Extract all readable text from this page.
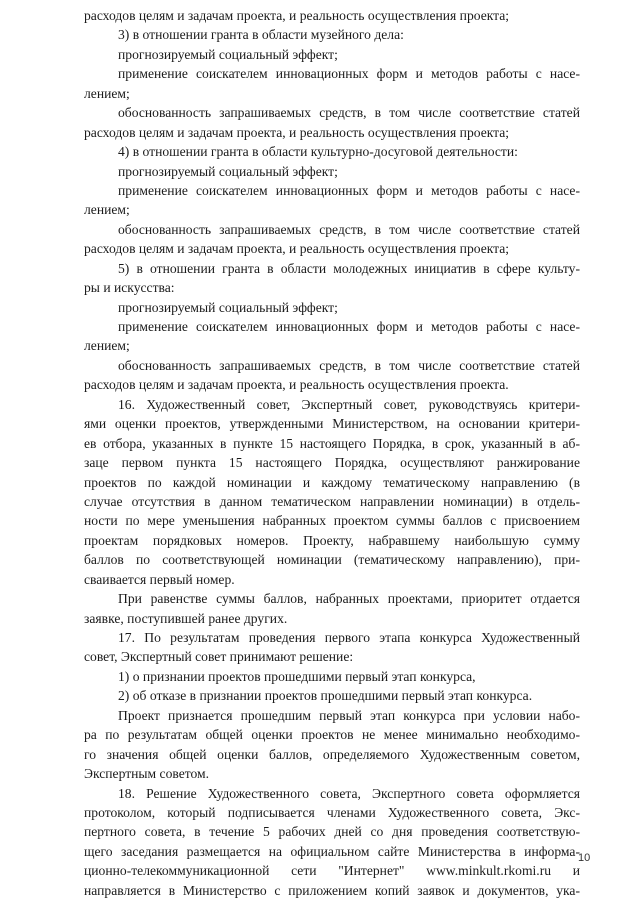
расходов целям и задачам проекта, и реальность осуществления проекта;
3) в отношении гранта в области музейного дела:
прогнозируемый социальный эффект;
применение соискателем инновационных форм и методов работы с насе-
лением;
обоснованность запрашиваемых средств, в том числе соответствие статей
расходов целям и задачам проекта, и реальность осуществления проекта;
4) в отношении гранта в области культурно-досуговой деятельности:
прогнозируемый социальный эффект;
применение соискателем инновационных форм и методов работы с насе-
лением;
обоснованность запрашиваемых средств, в том числе соответствие статей
расходов целям и задачам проекта, и реальность осуществления проекта;
5) в отношении гранта в области молодежных инициатив в сфере культу-
ры и искусства:
прогнозируемый социальный эффект;
применение соискателем инновационных форм и методов работы с насе-
лением;
обоснованность запрашиваемых средств, в том числе соответствие статей
расходов целям и задачам проекта, и реальность осуществления проекта.
16. Художественный совет, Экспертный совет, руководствуясь критери-
ями оценки проектов, утвержденными Министерством, на основании критери-
ев отбора, указанных в пункте 15 настоящего Порядка, в срок, указанный в аб-
заце первом пункта 15 настоящего Порядка, осуществляют ранжирование
проектов по каждой номинации и каждому тематическому направлению (в
случае отсутствия в данном тематическом направлении номинации) в отдель-
ности по мере уменьшения набранных проектом суммы баллов с присвоением
проектам порядковых номеров. Проекту, набравшему наибольшую сумму
баллов по соответствующей номинации (тематическому направлению), при-
сваивается первый номер.
При равенстве суммы баллов, набранных проектами, приоритет отдается
заявке, поступившей ранее других.
17. По результатам проведения первого этапа конкурса Художественный
совет, Экспертный совет принимают решение:
1) о признании проектов прошедшими первый этап конкурса,
2) об отказе в признании проектов прошедшими первый этап конкурса.
Проект признается прошедшим первый этап конкурса при условии набо-
ра по результатам общей оценки проектов не менее минимально необходимо-
го значения общей оценки баллов, определяемого Художественным советом,
Экспертным советом.
18. Решение Художественного совета, Экспертного совета оформляется
протоколом, который подписывается членами Художественного совета, Экс-
пертного совета, в течение 5 рабочих дней со дня проведения соответствую-
щего заседания размещается на официальном сайте Министерства в информа-
ционно-телекоммуникационной сети "Интернет" www.minkult.rkomi.ru и
направляется в Министерство с приложением копий заявок и документов, ука-
10
